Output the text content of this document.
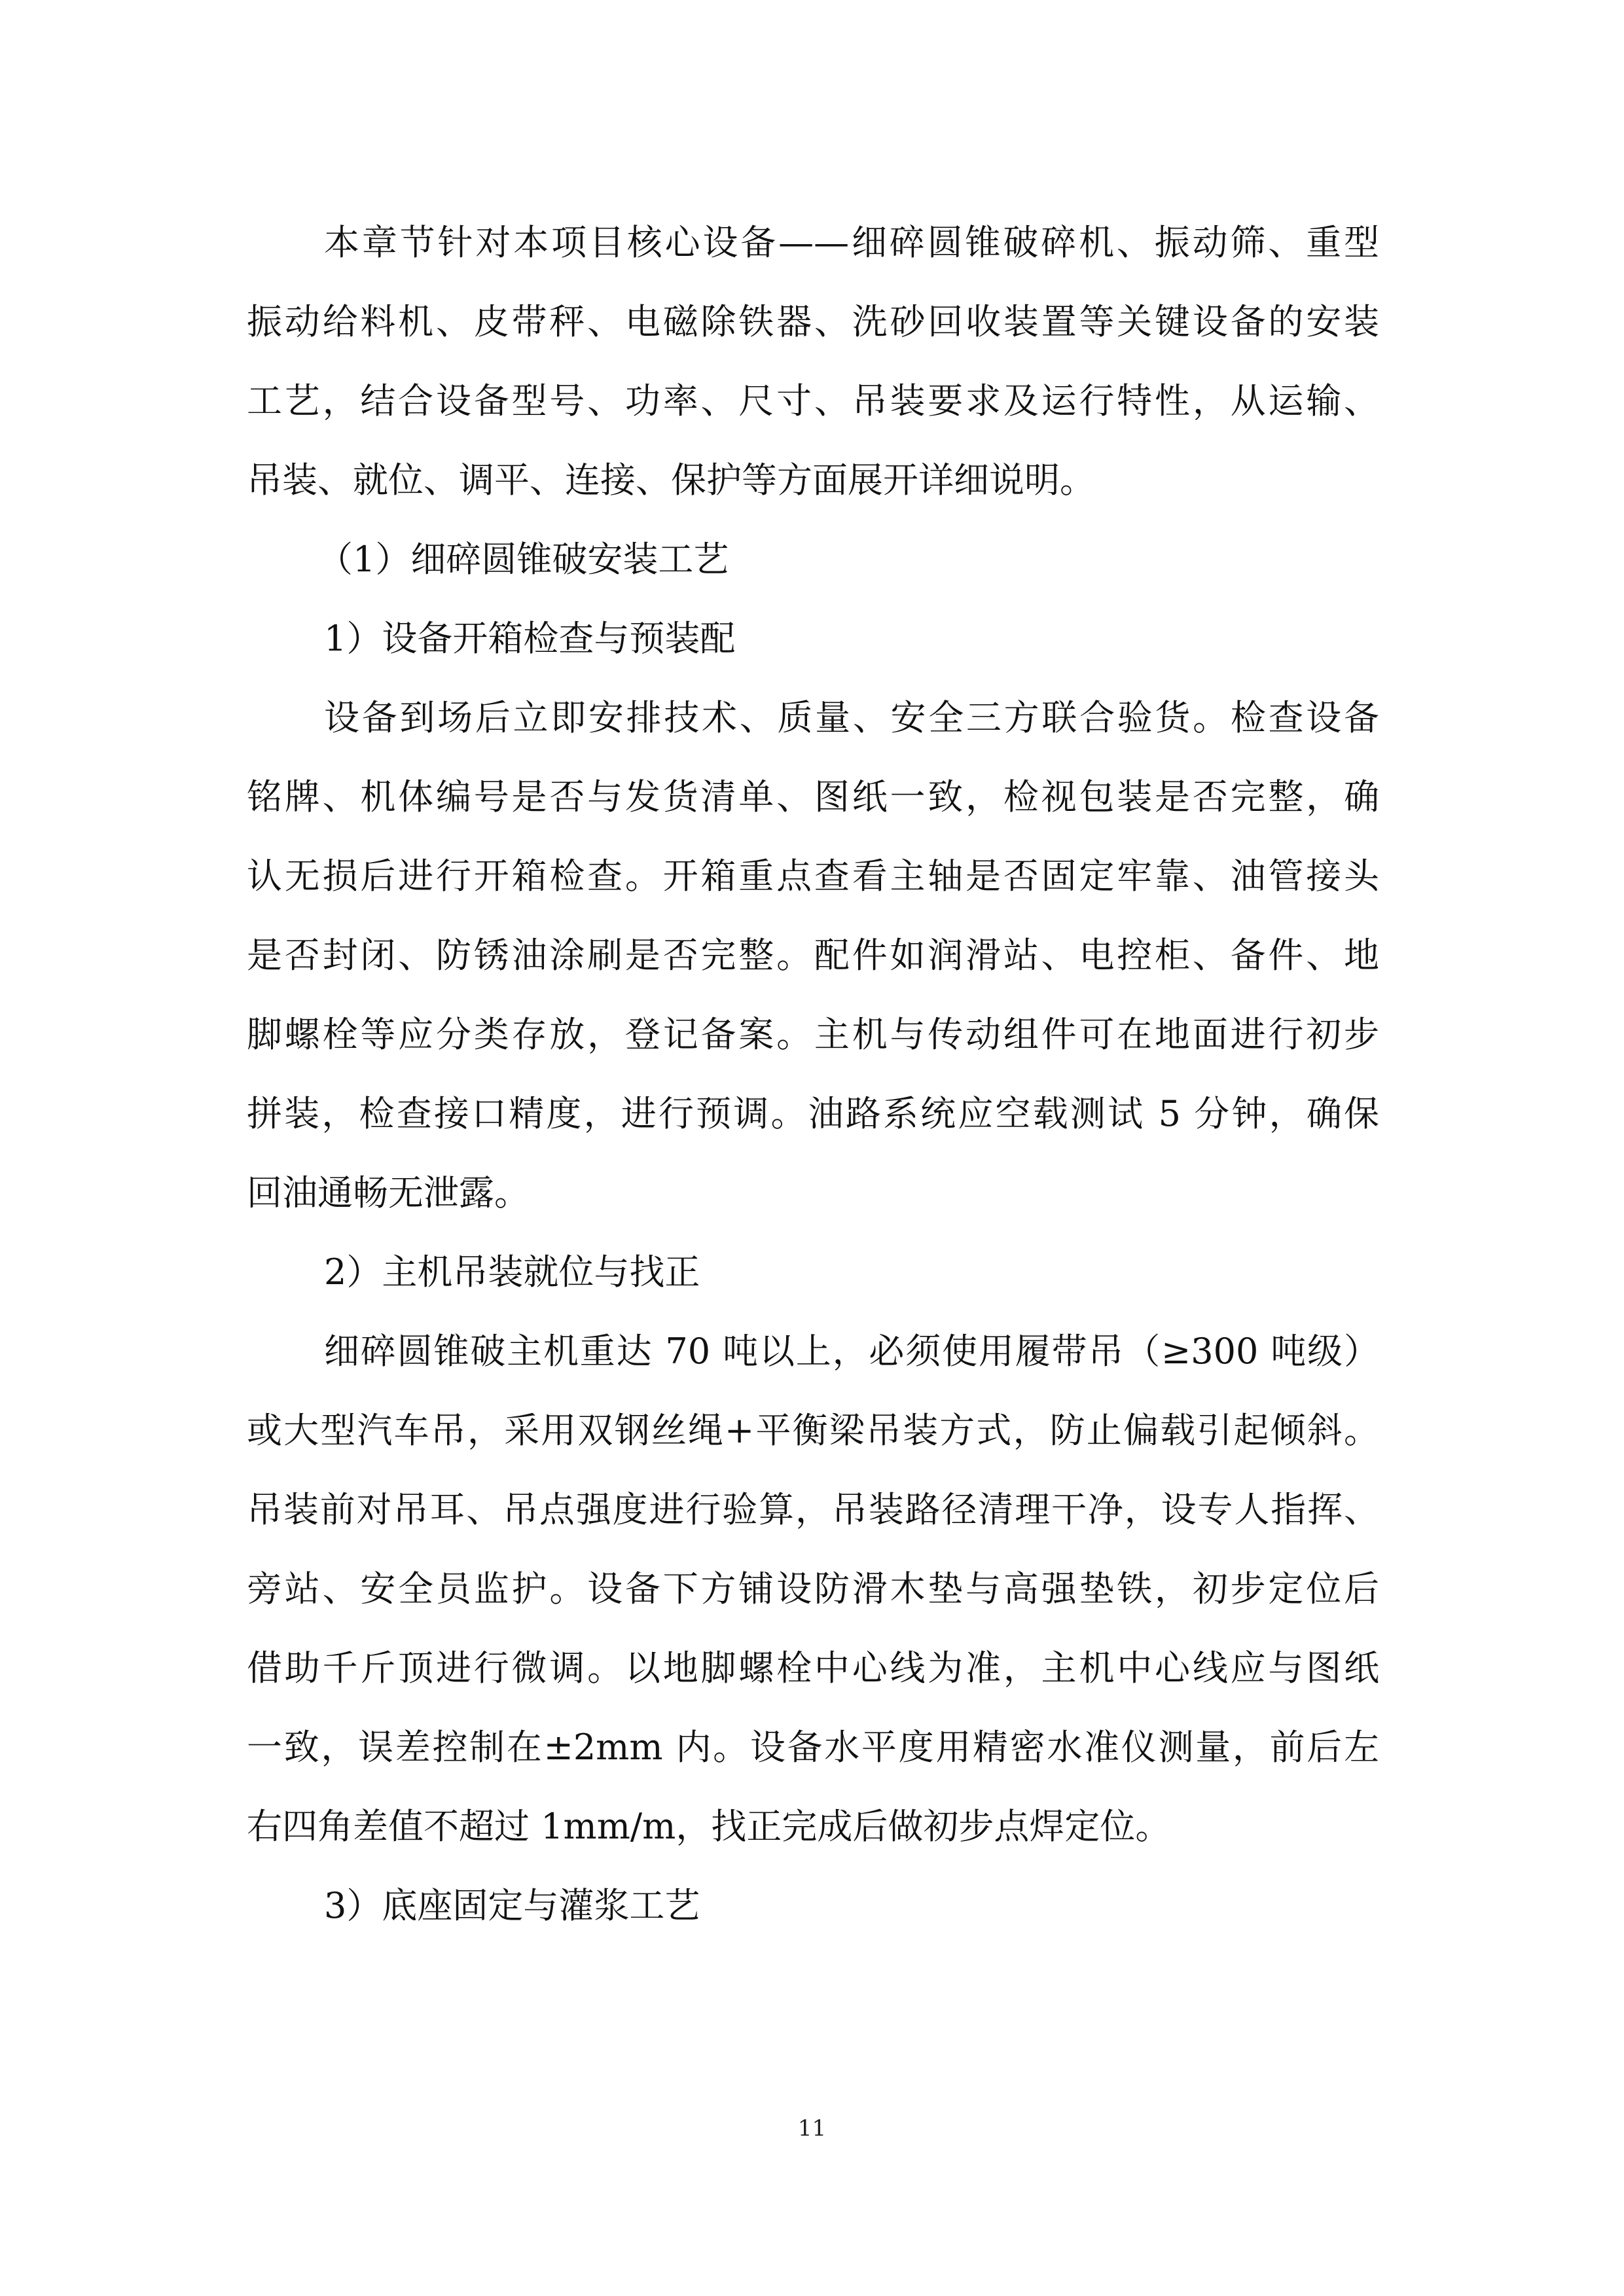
本章节针对本项目核心设备——细碎圆锥破碎机、振动筛、重型

振动给料机、皮带秤、电磁除铁器、洗砂回收装置等关键设备的安装

工艺，结合设备型号、功率、尺寸、吊装要求及运行特性，从运输、

吊装、就位、调平、连接、保护等方面展开详细说明。

（1）细碎圆锥破安装工艺

1）设备开箱检查与预装配

设备到场后立即安排技术、质量、安全三方联合验货。检查设备

铭牌、机体编号是否与发货清单、图纸一致，检视包装是否完整，确

认无损后进行开箱检查。开箱重点查看主轴是否固定牢靠、油管接头

是否封闭、防锈油涂刷是否完整。配件如润滑站、电控柜、备件、地

脚螺栓等应分类存放，登记备案。主机与传动组件可在地面进行初步

拼装，检查接口精度，进行预调。油路系统应空载测试 5 分钟，确保

回油通畅无泄露。

2）主机吊装就位与找正

细碎圆锥破主机重达 70 吨以上，必须使用履带吊（≥300 吨级）

或大型汽车吊，采用双钢丝绳+平衡梁吊装方式，防止偏载引起倾斜。

吊装前对吊耳、吊点强度进行验算，吊装路径清理干净，设专人指挥、

旁站、安全员监护。设备下方铺设防滑木垫与高强垫铁，初步定位后

借助千斤顶进行微调。以地脚螺栓中心线为准，主机中心线应与图纸

一致，误差控制在±2mm 内。设备水平度用精密水准仪测量，前后左

右四角差值不超过 1mm/m，找正完成后做初步点焊定位。

3）底座固定与灌浆工艺

11
